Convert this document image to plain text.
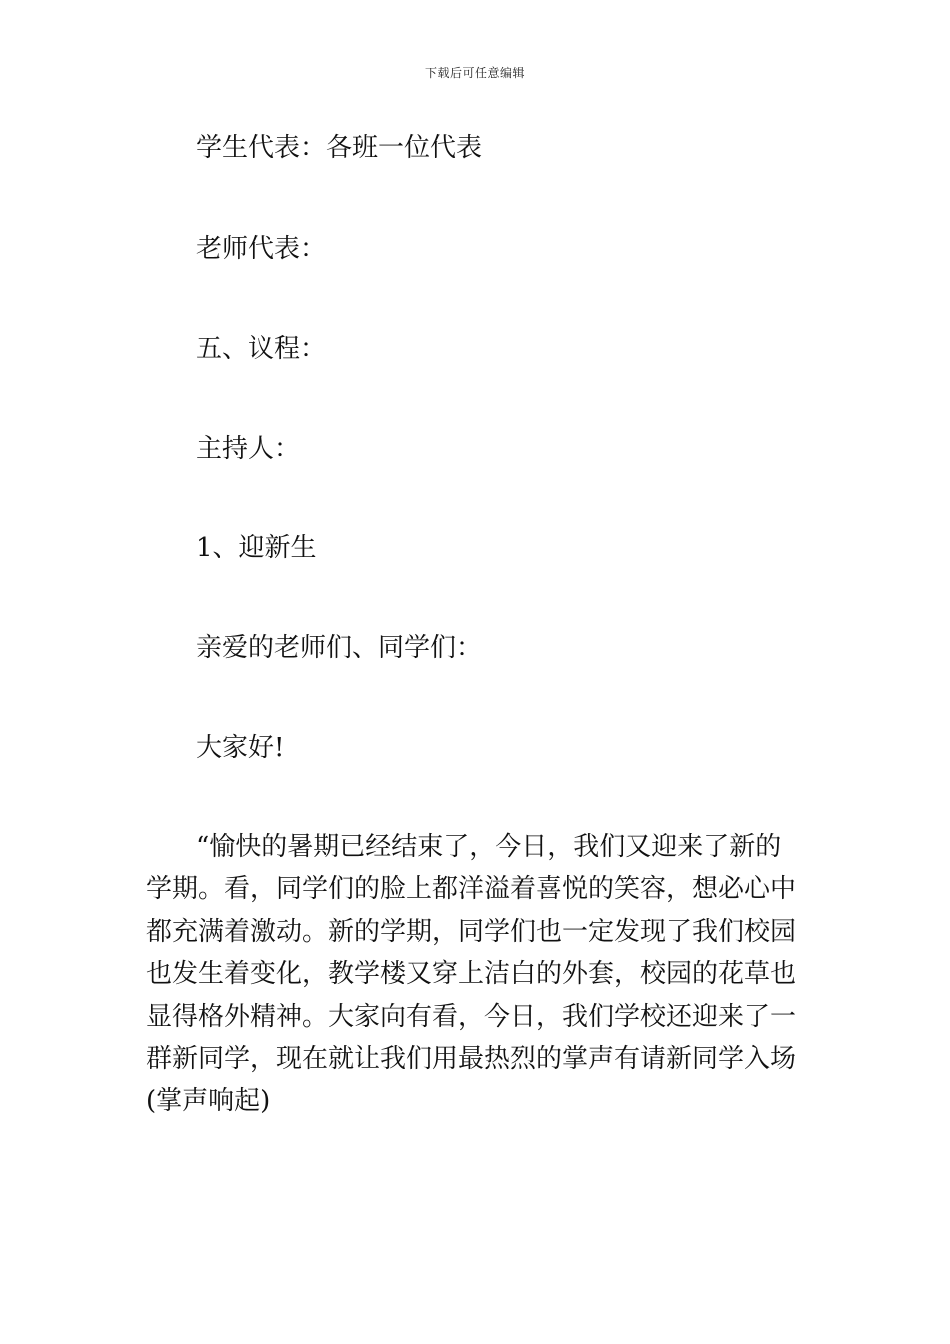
下载后可任意编辑
学生代表：各班一位代表
老师代表：
五、议程：
主持人：
1、迎新生
亲爱的老师们、同学们：
大家好!
“愉快的暑期已经结束了，今日，我们又迎来了新的
学期。看，同学们的脸上都洋溢着喜悦的笑容，想必心中
都充满着激动。新的学期，同学们也一定发现了我们校园
也发生着变化，教学楼又穿上洁白的外套，校园的花草也
显得格外精神。大家向有看，今日，我们学校还迎来了一
群新同学，现在就让我们用最热烈的掌声有请新同学入场
(掌声响起)
